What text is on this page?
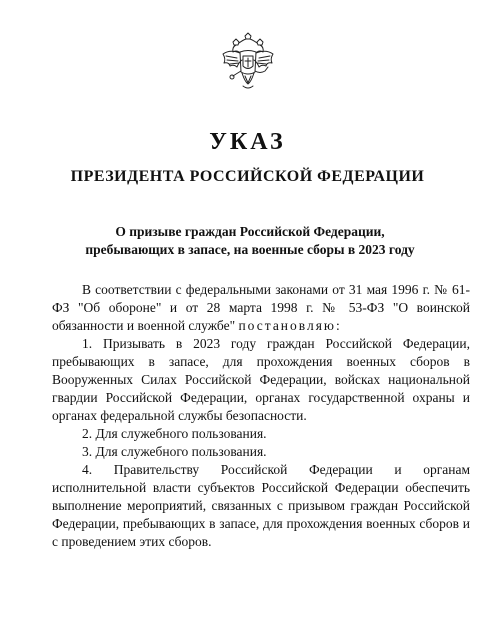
УКАЗ
ПРЕЗИДЕНТА РОССИЙСКОЙ ФЕДЕРАЦИИ
О призыве граждан Российской Федерации,
пребывающих в запасе, на военные сборы в 2023 году

В соответствии с федеральными законами от 31 мая 1996 г. № 61-ФЗ "Об обороне" и от 28 марта 1998 г. № 53-ФЗ "О воинской обязанности и военной службе" постановляю:

1. Призывать в 2023 году граждан Российской Федерации, пребывающих в запасе, для прохождения военных сборов в Вооруженных Силах Российской Федерации, войсках национальной гвардии Российской Федерации, органах государственной охраны и органах федеральной службы безопасности.

2. Для служебного пользования.

3. Для служебного пользования.

4. Правительству Российской Федерации и органам исполнительной власти субъектов Российской Федерации обеспечить выполнение мероприятий, связанных с призывом граждан Российской Федерации, пребывающих в запасе, для прохождения военных сборов и с проведением этих сборов.
